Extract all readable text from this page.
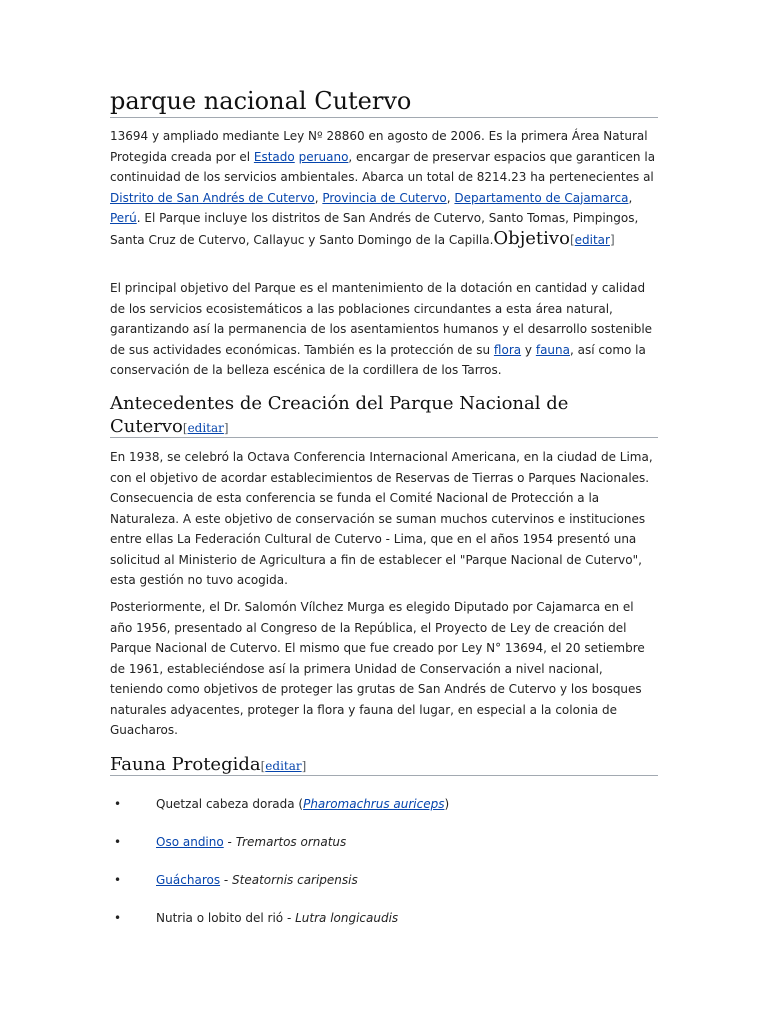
parque nacional Cutervo

13694 y ampliado mediante Ley Nº 28860 en agosto de 2006. Es la primera Área Natural Protegida creada por el Estado peruano, encargar de preservar espacios que garanticen la continuidad de los servicios ambientales. Abarca un total de 8214.23 ha pertenecientes al Distrito de San Andrés de Cutervo, Provincia de Cutervo, Departamento de Cajamarca, Perú. El Parque incluye los distritos de San Andrés de Cutervo, Santo Tomas, Pimpingos, Santa Cruz de Cutervo, Callayuc y Santo Domingo de la Capilla.Objetivo[editar]

El principal objetivo del Parque es el mantenimiento de la dotación en cantidad y calidad de los servicios ecosistemáticos a las poblaciones circundantes a esta área natural, garantizando así la permanencia de los asentamientos humanos y el desarrollo sostenible de sus actividades económicas. También es la protección de su flora y fauna, así como la conservación de la belleza escénica de la cordillera de los Tarros.

Antecedentes de Creación del Parque Nacional de Cutervo[editar]

En 1938, se celebró la Octava Conferencia Internacional Americana, en la ciudad de Lima, con el objetivo de acordar establecimientos de Reservas de Tierras o Parques Nacionales. Consecuencia de esta conferencia se funda el Comité Nacional de Protección a la Naturaleza. A este objetivo de conservación se suman muchos cutervinos e instituciones entre ellas La Federación Cultural de Cutervo - Lima, que en el años 1954 presentó una solicitud al Ministerio de Agricultura a fin de establecer el "Parque Nacional de Cutervo", esta gestión no tuvo acogida.

Posteriormente, el Dr. Salomón Vílchez Murga es elegido Diputado por Cajamarca en el año 1956, presentado al Congreso de la República, el Proyecto de Ley de creación del Parque Nacional de Cutervo. El mismo que fue creado por Ley N° 13694, el 20 setiembre de 1961, estableciéndose así la primera Unidad de Conservación a nivel nacional, teniendo como objetivos de proteger las grutas de San Andrés de Cutervo y los bosques naturales adyacentes, proteger la flora y fauna del lugar, en especial a la colonia de Guacharos.

Fauna Protegida[editar]
•	Quetzal cabeza dorada (Pharomachrus auriceps)
•	Oso andino - Tremartos ornatus
•	Guácharos - Steatornis caripensis
•	Nutria o lobito del rió - Lutra longicaudis
